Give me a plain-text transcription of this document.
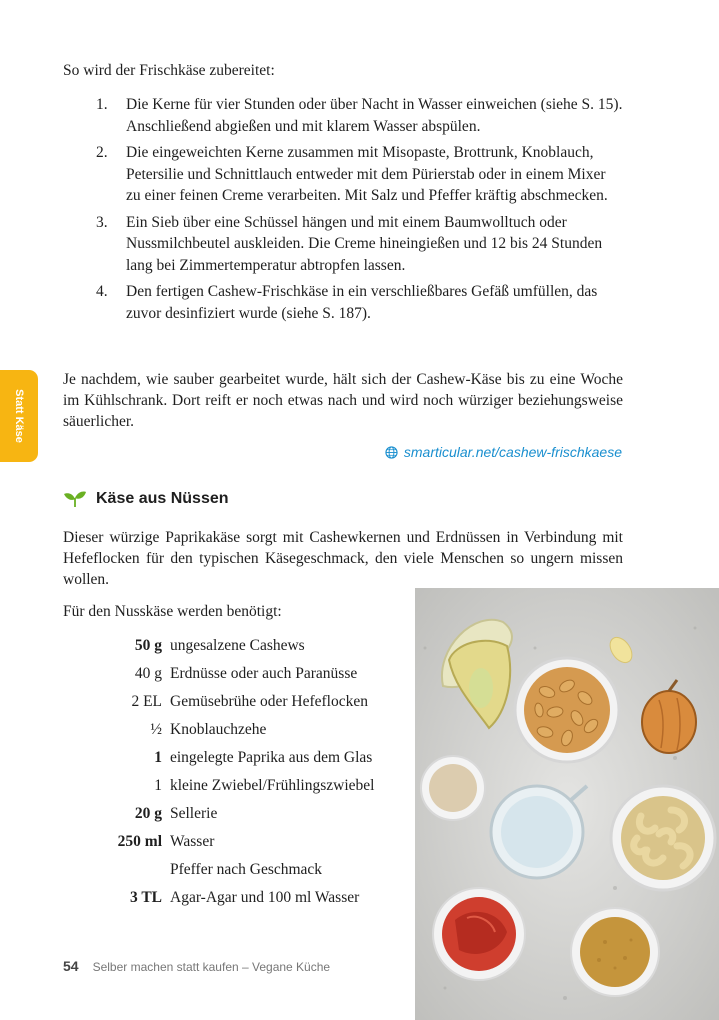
So wird der Frischkäse zubereitet:
1. Die Kerne für vier Stunden oder über Nacht in Wasser einweichen (siehe S. 15). Anschließend abgießen und mit klarem Wasser abspülen.
2. Die eingeweichten Kerne zusammen mit Misopaste, Brottrunk, Knoblauch, Petersilie und Schnittlauch entweder mit dem Pürierstab oder in einem Mixer zu einer feinen Creme verarbeiten. Mit Salz und Pfeffer kräftig abschmecken.
3. Ein Sieb über eine Schüssel hängen und mit einem Baumwolltuch oder Nussmilchbeutel auskleiden. Die Creme hineingießen und 12 bis 24 Stunden lang bei Zimmertemperatur abtropfen lassen.
4. Den fertigen Cashew-Frischkäse in ein verschließbares Gefäß umfüllen, das zuvor desinfiziert wurde (siehe S. 187).
Je nachdem, wie sauber gearbeitet wurde, hält sich der Cashew-Käse bis zu eine Woche im Kühlschrank. Dort reift er noch etwas nach und wird noch würziger beziehungsweise säuerlicher.
Statt Käse
smarticular.net/cashew-frischkaese
Käse aus Nüssen
Dieser würzige Paprikakäse sorgt mit Cashewkernen und Erdnüssen in Verbindung mit Hefeflocken für den typischen Käsegeschmack, den viele Menschen so ungern missen wollen.
Für den Nusskäse werden benötigt:
50 g ungesalzene Cashews
40 g Erdnüsse oder auch Paranüsse
2 EL Gemüsebrühe oder Hefeflocken
½ Knoblauchzehe
1 eingelegte Paprika aus dem Glas
1 kleine Zwiebel/Frühlingszwiebel
20 g Sellerie
250 ml Wasser
Pfeffer nach Geschmack
3 TL Agar-Agar und 100 ml Wasser
54 Selber machen statt kaufen – Vegane Küche
